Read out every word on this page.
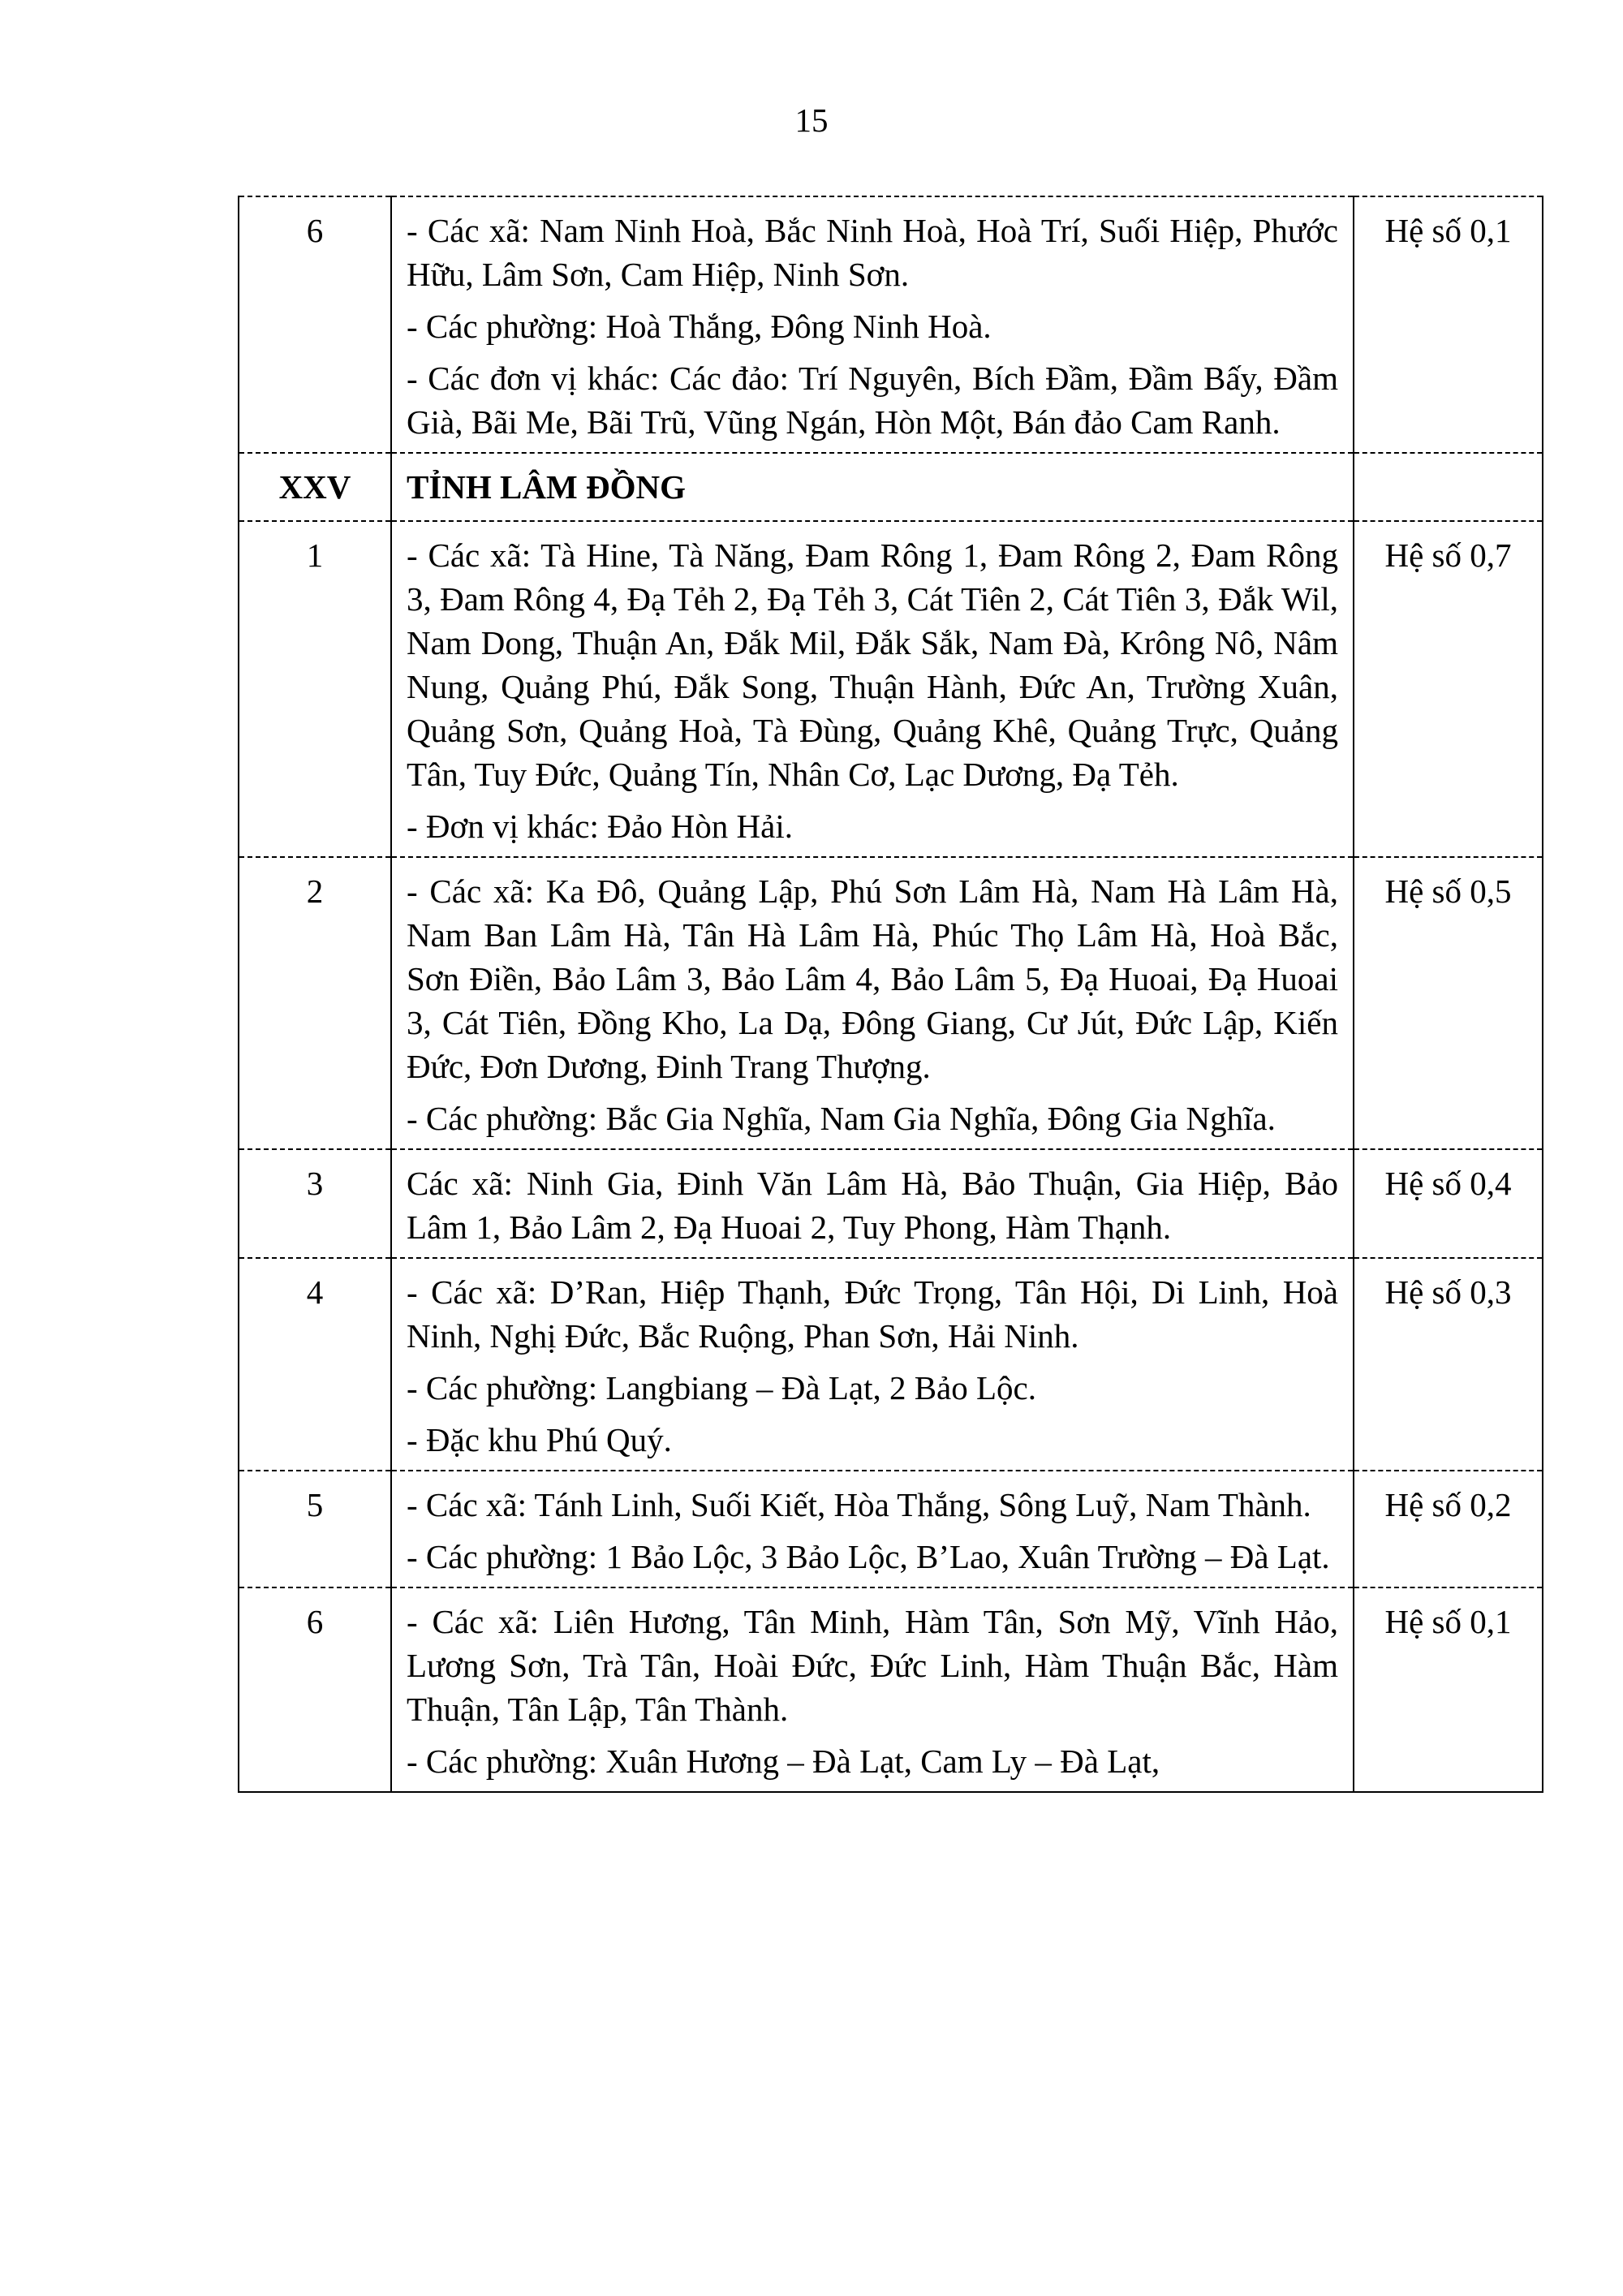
15
6	- Các xã: Nam Ninh Hoà, Bắc Ninh Hoà, Hoà Trí, Suối Hiệp, Phước Hữu, Lâm Sơn, Cam Hiệp, Ninh Sơn.
- Các phường: Hoà Thắng, Đông Ninh Hoà.
- Các đơn vị khác: Các đảo: Trí Nguyên, Bích Đầm, Đầm Bấy, Đầm Già, Bãi Me, Bãi Trũ, Vũng Ngán, Hòn Một, Bán đảo Cam Ranh.	Hệ số 0,1
XXV	TỈNH LÂM ĐỒNG	
1	- Các xã: Tà Hine, Tà Năng, Đam Rông 1, Đam Rông 2, Đam Rông 3, Đam Rông 4, Đạ Tẻh 2, Đạ Tẻh 3, Cát Tiên 2, Cát Tiên 3, Đắk Wil, Nam Dong, Thuận An, Đắk Mil, Đắk Sắk, Nam Đà, Krông Nô, Nâm Nung, Quảng Phú, Đắk Song, Thuận Hành, Đức An, Trường Xuân, Quảng Sơn, Quảng Hoà, Tà Đùng, Quảng Khê, Quảng Trực, Quảng Tân, Tuy Đức, Quảng Tín, Nhân Cơ, Lạc Dương, Đạ Tẻh.
- Đơn vị khác: Đảo Hòn Hải.	Hệ số 0,7
2	- Các xã: Ka Đô, Quảng Lập, Phú Sơn Lâm Hà, Nam Hà Lâm Hà, Nam Ban Lâm Hà, Tân Hà Lâm Hà, Phúc Thọ Lâm Hà, Hoà Bắc, Sơn Điền, Bảo Lâm 3, Bảo Lâm 4, Bảo Lâm 5, Đạ Huoai, Đạ Huoai 3, Cát Tiên, Đồng Kho, La Dạ, Đông Giang, Cư Jút, Đức Lập, Kiến Đức, Đơn Dương, Đinh Trang Thượng.
- Các phường: Bắc Gia Nghĩa, Nam Gia Nghĩa, Đông Gia Nghĩa.	Hệ số 0,5
3	Các xã: Ninh Gia, Đinh Văn Lâm Hà, Bảo Thuận, Gia Hiệp, Bảo Lâm 1, Bảo Lâm 2, Đạ Huoai 2, Tuy Phong, Hàm Thạnh.	Hệ số 0,4
4	- Các xã: D’Ran, Hiệp Thạnh, Đức Trọng, Tân Hội, Di Linh, Hoà Ninh, Nghị Đức, Bắc Ruộng, Phan Sơn, Hải Ninh.
- Các phường: Langbiang – Đà Lạt, 2 Bảo Lộc.
- Đặc khu Phú Quý.	Hệ số 0,3
5	- Các xã: Tánh Linh, Suối Kiết, Hòa Thắng, Sông Luỹ, Nam Thành.
- Các phường: 1 Bảo Lộc, 3 Bảo Lộc, B’Lao, Xuân Trường – Đà Lạt.	Hệ số 0,2
6	- Các xã: Liên Hương, Tân Minh, Hàm Tân, Sơn Mỹ, Vĩnh Hảo, Lương Sơn, Trà Tân, Hoài Đức, Đức Linh, Hàm Thuận Bắc, Hàm Thuận, Tân Lập, Tân Thành.
- Các phường: Xuân Hương – Đà Lạt, Cam Ly – Đà Lạt,	Hệ số 0,1
